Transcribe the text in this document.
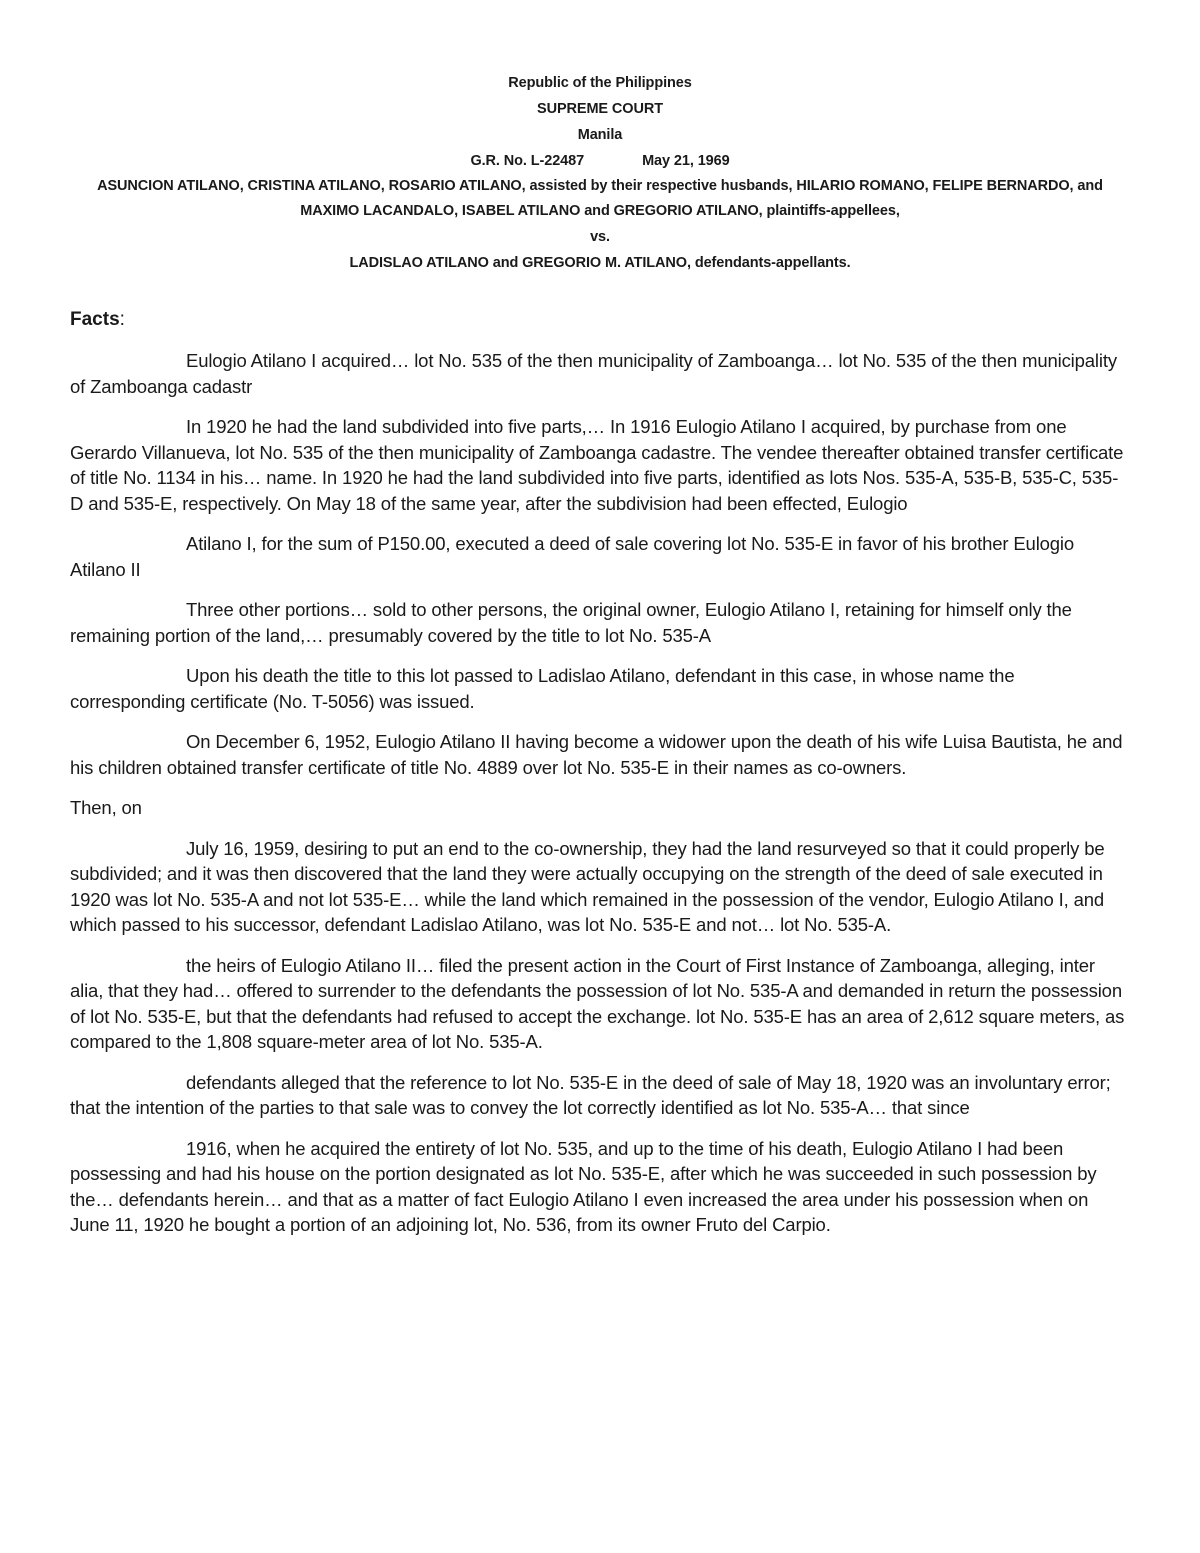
Republic of the Philippines
SUPREME COURT
Manila
G.R. No. L-22487	May 21, 1969
ASUNCION ATILANO, CRISTINA ATILANO, ROSARIO ATILANO, assisted by their respective husbands, HILARIO ROMANO, FELIPE BERNARDO, and MAXIMO LACANDALO, ISABEL ATILANO and GREGORIO ATILANO, plaintiffs-appellees,
vs.
LADISLAO ATILANO and GREGORIO M. ATILANO, defendants-appellants.
Facts:

Eulogio Atilano I acquired… lot No. 535 of the then municipality of Zamboanga… lot No. 535 of the then municipality of Zamboanga cadastr

In 1920 he had the land subdivided into five parts,… In 1916 Eulogio Atilano I acquired, by purchase from one Gerardo Villanueva, lot No. 535 of the then municipality of Zamboanga cadastre. The vendee thereafter obtained transfer certificate of title No. 1134 in his… name. In 1920 he had the land subdivided into five parts, identified as lots Nos. 535-A, 535-B, 535-C, 535-D and 535-E, respectively. On May 18 of the same year, after the subdivision had been effected, Eulogio

Atilano I, for the sum of P150.00, executed a deed of sale covering lot No. 535-E in favor of his brother Eulogio Atilano II

Three other portions… sold to other persons, the original owner, Eulogio Atilano I, retaining for himself only the remaining portion of the land,… presumably covered by the title to lot No. 535-A

Upon his death the title to this lot passed to Ladislao Atilano, defendant in this case, in whose name the corresponding certificate (No. T-5056) was issued.

On December 6, 1952, Eulogio Atilano II having become a widower upon the death of his wife Luisa Bautista, he and his children obtained transfer certificate of title No. 4889 over lot No. 535-E in their names as co-owners.

Then, on

July 16, 1959, desiring to put an end to the co-ownership, they had the land resurveyed so that it could properly be subdivided; and it was then discovered that the land they were actually occupying on the strength of the deed of sale executed in 1920 was lot No. 535-A and not lot 535-E… while the land which remained in the possession of the vendor, Eulogio Atilano I, and which passed to his successor, defendant Ladislao Atilano, was lot No. 535-E and not… lot No. 535-A.

the heirs of Eulogio Atilano II… filed the present action in the Court of First Instance of Zamboanga, alleging, inter alia, that they had… offered to surrender to the defendants the possession of lot No. 535-A and demanded in return the possession of lot No. 535-E, but that the defendants had refused to accept the exchange. lot No. 535-E has an area of 2,612 square meters, as compared to the 1,808 square-meter area of lot No. 535-A.

defendants alleged that the reference to lot No. 535-E in the deed of sale of May 18, 1920 was an involuntary error; that the intention of the parties to that sale was to convey the lot correctly identified as lot No. 535-A… that since

1916, when he acquired the entirety of lot No. 535, and up to the time of his death, Eulogio Atilano I had been possessing and had his house on the portion designated as lot No. 535-E, after which he was succeeded in such possession by the… defendants herein… and that as a matter of fact Eulogio Atilano I even increased the area under his possession when on June 11, 1920 he bought a portion of an adjoining lot, No. 536, from its owner Fruto del Carpio.
